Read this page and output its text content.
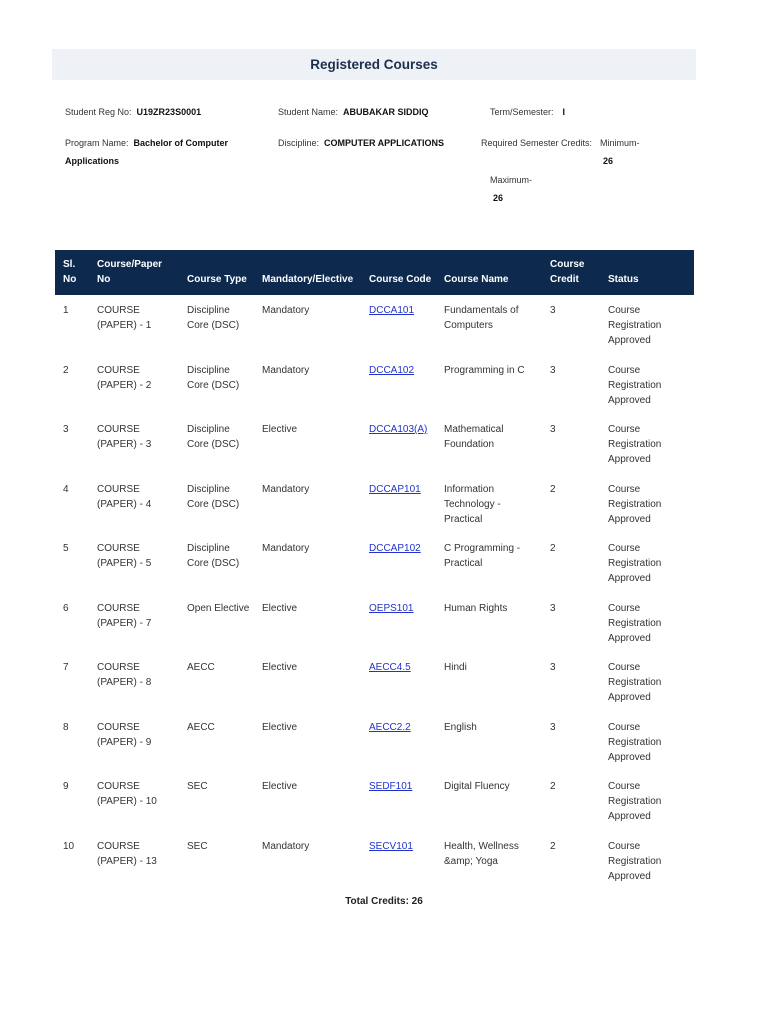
Registered Courses
Student Reg No: U19ZR23S0001	Student Name: ABUBAKAR SIDDIQ	Term/Semester: I
Program Name: Bachelor of Computer
Applications
Discipline: COMPUTER APPLICATIONS	Required Semester Credits: Minimum-
26
Maximum-
26
Sl. No	Course/Paper No	Course Type	Mandatory/Elective	Course Code	Course Name	Course Credit	Status
1	COURSE (PAPER) - 1	Discipline Core (DSC)	Mandatory	DCCA101	Fundamentals of Computers	3	Course Registration Approved
2	COURSE (PAPER) - 2	Discipline Core (DSC)	Mandatory	DCCA102	Programming in C	3	Course Registration Approved
3	COURSE (PAPER) - 3	Discipline Core (DSC)	Elective	DCCA103(A)	Mathematical Foundation	3	Course Registration Approved
4	COURSE (PAPER) - 4	Discipline Core (DSC)	Mandatory	DCCAP101	Information Technology - Practical	2	Course Registration Approved
5	COURSE (PAPER) - 5	Discipline Core (DSC)	Mandatory	DCCAP102	C Programming - Practical	2	Course Registration Approved
6	COURSE (PAPER) - 7	Open Elective	Elective	OEPS101	Human Rights	3	Course Registration Approved
7	COURSE (PAPER) - 8	AECC	Elective	AECC4.5	Hindi	3	Course Registration Approved
8	COURSE (PAPER) - 9	AECC	Elective	AECC2.2	English	3	Course Registration Approved
9	COURSE (PAPER) - 10	SEC	Elective	SEDF101	Digital Fluency	2	Course Registration Approved
10	COURSE (PAPER) - 13	SEC	Mandatory	SECV101	Health, Wellness &amp; Yoga	2	Course Registration Approved
Total Credits: 26
